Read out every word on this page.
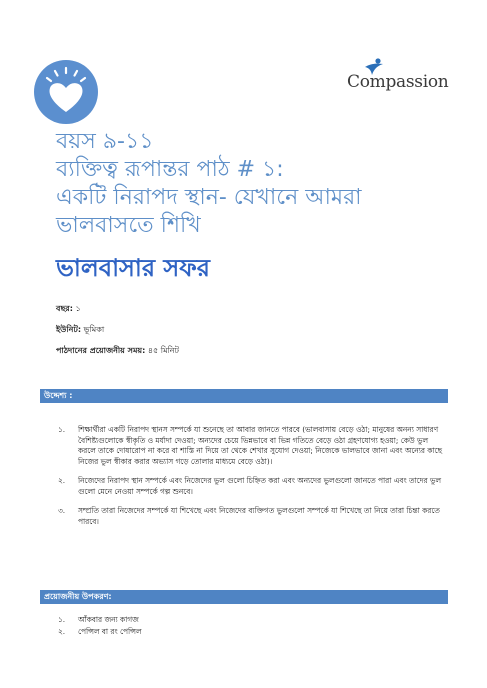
Compassion
বয়স ৯-১১
ব্যক্তিত্ব রূপান্তর পাঠ # ১:
একটি নিরাপদ স্থান- যেখানে আমরা
ভালবাসতে শিখি
ভালবাসার সফর
বছর: ১
ইউনিট: ভূমিকা
পাঠদানের প্রয়োজনীয় সময়: ৪৫ মিনিট
উদ্দেশ্য :
১. শিক্ষার্থীরা একটি নিরাপদ স্থানস সম্পর্কে যা শুনেছে তা আবার জানতে পারবে (ভালবাসায় বেড়ে ওঠা; মানুষের অনন্য সাধারণ বৈশিষ্ট্যগুলোকে স্বীকৃতি ও মর্যাদা দেওয়া; অন্যদের চেয়ে ভিন্নভাবে বা ভিন্ন গতিতে বেড়ে ওঠা গ্রহণযোগ্য হওয়া; কেউ ভুল করলে তাকে দোষারোপ না করে বা শাস্তি না দিয়ে তা থেকে শেখার সুযোগ দেওয়া; নিজেকে ভালভাবে জানা এবং অন্যের কাছে নিজের ভুল স্বীকার করার অভ্যাস গড়ে তোলার মাধ্যমে বেড়ে ওঠা)।
২. নিজেদের নিরাপদ স্থান সম্পর্কে এবং নিজেদের ভুল গুলো চিহ্নিত করা এবং অন্যদের ভুলগুলো জানতে পারা এবং তাদের ভুল গুলো মেনে নেওয়া সম্পর্কে গল্প শুনবে।
৩. সম্প্রতি তারা নিজেদের সম্পর্কে যা শিখেছে এবং নিজেদের ব্যক্তিগত ভুলগুলো সম্পর্কে যা শিখেছে তা নিয়ে তারা চিন্তা করতে পারবে।
প্রয়োজনীয় উপকরণ:
১. আঁকবার জন্য কাগজ
২. পেন্সিল বা রং পেন্সিল
